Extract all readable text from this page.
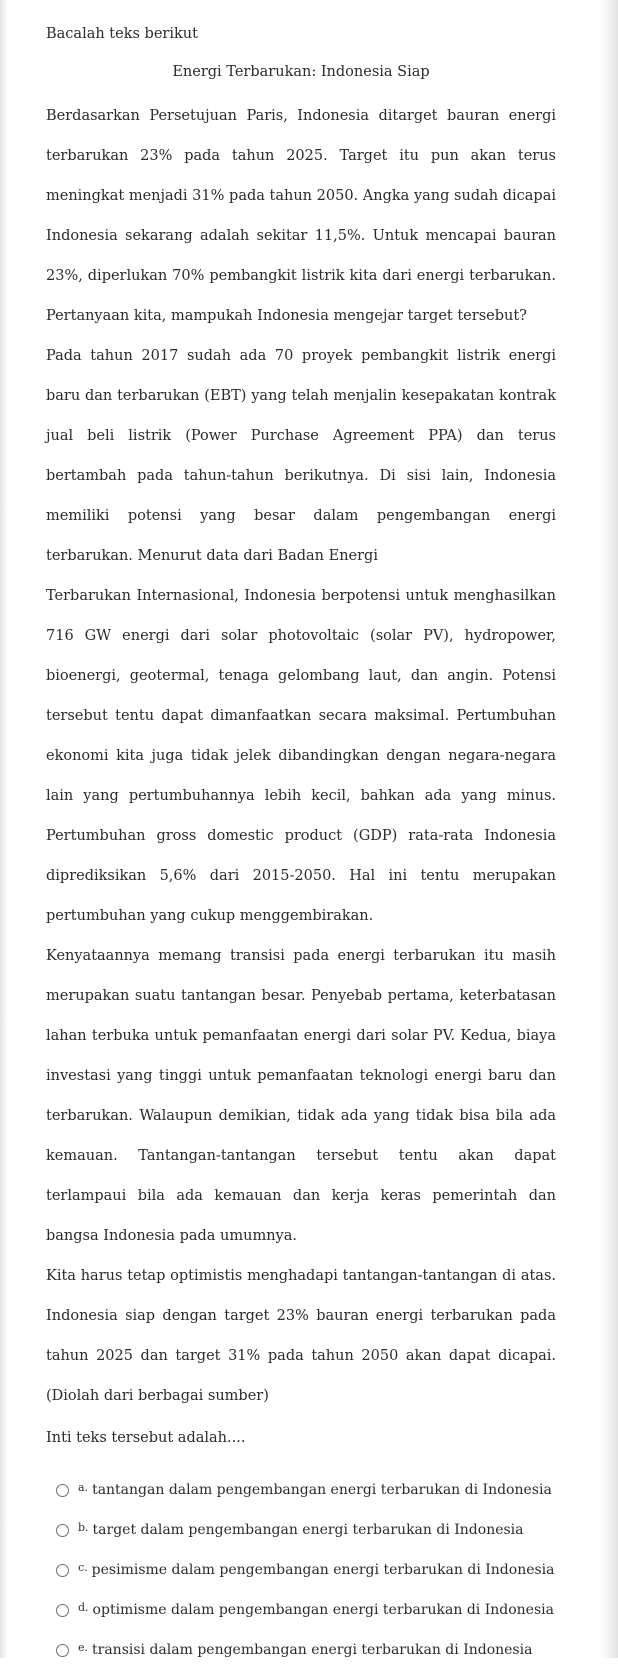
Bacalah teks berikut

Energi Terbarukan: Indonesia Siap

Berdasarkan Persetujuan Paris, Indonesia ditarget bauran energi terbarukan 23% pada tahun 2025. Target itu pun akan terus meningkat menjadi 31% pada tahun 2050. Angka yang sudah dicapai Indonesia sekarang adalah sekitar 11,5%. Untuk mencapai bauran 23%, diperlukan 70% pembangkit listrik kita dari energi terbarukan. Pertanyaan kita, mampukah Indonesia mengejar target tersebut?

Pada tahun 2017 sudah ada 70 proyek pembangkit listrik energi baru dan terbarukan (EBT) yang telah menjalin kesepakatan kontrak jual beli listrik (Power Purchase Agreement PPA) dan terus bertambah pada tahun-tahun berikutnya. Di sisi lain, Indonesia memiliki potensi yang besar dalam pengembangan energi terbarukan. Menurut data dari Badan Energi

Terbarukan Internasional, Indonesia berpotensi untuk menghasilkan 716 GW energi dari solar photovoltaic (solar PV), hydropower, bioenergi, geotermal, tenaga gelombang laut, dan angin. Potensi tersebut tentu dapat dimanfaatkan secara maksimal. Pertumbuhan ekonomi kita juga tidak jelek dibandingkan dengan negara-negara lain yang pertumbuhannya lebih kecil, bahkan ada yang minus. Pertumbuhan gross domestic product (GDP) rata-rata Indonesia diprediksikan 5,6% dari 2015-2050. Hal ini tentu merupakan pertumbuhan yang cukup menggembirakan.

Kenyataannya memang transisi pada energi terbarukan itu masih merupakan suatu tantangan besar. Penyebab pertama, keterbatasan lahan terbuka untuk pemanfaatan energi dari solar PV. Kedua, biaya investasi yang tinggi untuk pemanfaatan teknologi energi baru dan terbarukan. Walaupun demikian, tidak ada yang tidak bisa bila ada kemauan. Tantangan-tantangan tersebut tentu akan dapat terlampaui bila ada kemauan dan kerja keras pemerintah dan bangsa Indonesia pada umumnya.

Kita harus tetap optimistis menghadapi tantangan-tantangan di atas. Indonesia siap dengan target 23% bauran energi terbarukan pada tahun 2025 dan target 31% pada tahun 2050 akan dapat dicapai. (Diolah dari berbagai sumber)

Inti teks tersebut adalah....

a. tantangan dalam pengembangan energi terbarukan di Indonesia
b. target dalam pengembangan energi terbarukan di Indonesia
c. pesimisme dalam pengembangan energi terbarukan di Indonesia
d. optimisme dalam pengembangan energi terbarukan di Indonesia
e. transisi dalam pengembangan energi terbarukan di Indonesia
